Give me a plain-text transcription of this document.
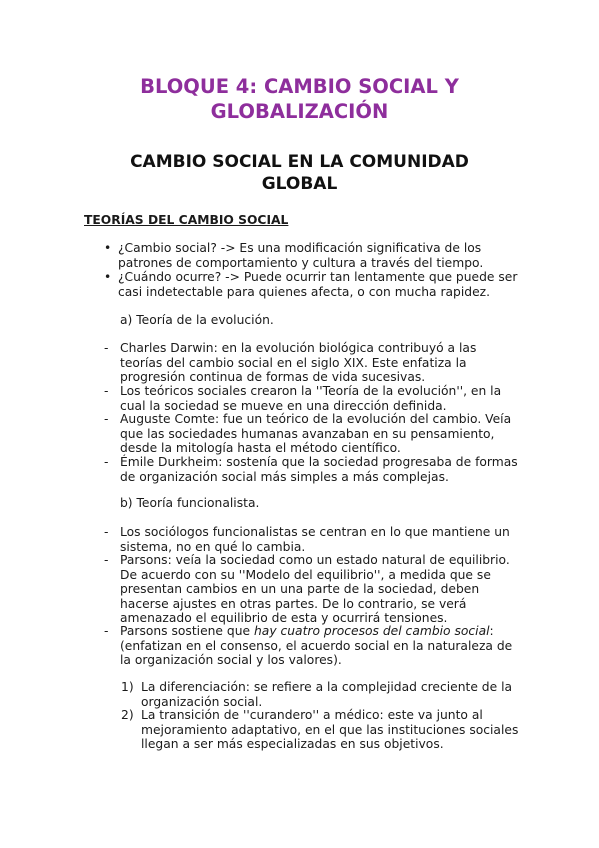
BLOQUE 4: CAMBIO SOCIAL Y
GLOBALIZACIÓN
CAMBIO SOCIAL EN LA COMUNIDAD
GLOBAL
TEORÍAS DEL CAMBIO SOCIAL
• ¿Cambio social? -> Es una modificación significativa de los patrones de comportamiento y cultura a través del tiempo.
• ¿Cuándo ocurre? -> Puede ocurrir tan lentamente que puede ser casi indetectable para quienes afecta, o con mucha rapidez.
a) Teoría de la evolución.
- Charles Darwin: en la evolución biológica contribuyó a las teorías del cambio social en el siglo XIX. Este enfatiza la progresión continua de formas de vida sucesivas.
- Los teóricos sociales crearon la ''Teoría de la evolución'', en la cual la sociedad se mueve en una dirección definida.
- Auguste Comte: fue un teórico de la evolución del cambio. Veía que las sociedades humanas avanzaban en su pensamiento, desde la mitología hasta el método científico.
- Émile Durkheim: sostenía que la sociedad progresaba de formas de organización social más simples a más complejas.
b) Teoría funcionalista.
- Los sociólogos funcionalistas se centran en lo que mantiene un sistema, no en qué lo cambia.
- Parsons: veía la sociedad como un estado natural de equilibrio. De acuerdo con su ''Modelo del equilibrio'', a medida que se presentan cambios en un una parte de la sociedad, deben hacerse ajustes en otras partes. De lo contrario, se verá amenazado el equilibrio de esta y ocurrirá tensiones.
- Parsons sostiene que hay cuatro procesos del cambio social: (enfatizan en el consenso, el acuerdo social en la naturaleza de la organización social y los valores).
1) La diferenciación: se refiere a la complejidad creciente de la organización social.
2) La transición de ''curandero'' a médico: este va junto al mejoramiento adaptativo, en el que las instituciones sociales llegan a ser más especializadas en sus objetivos.
